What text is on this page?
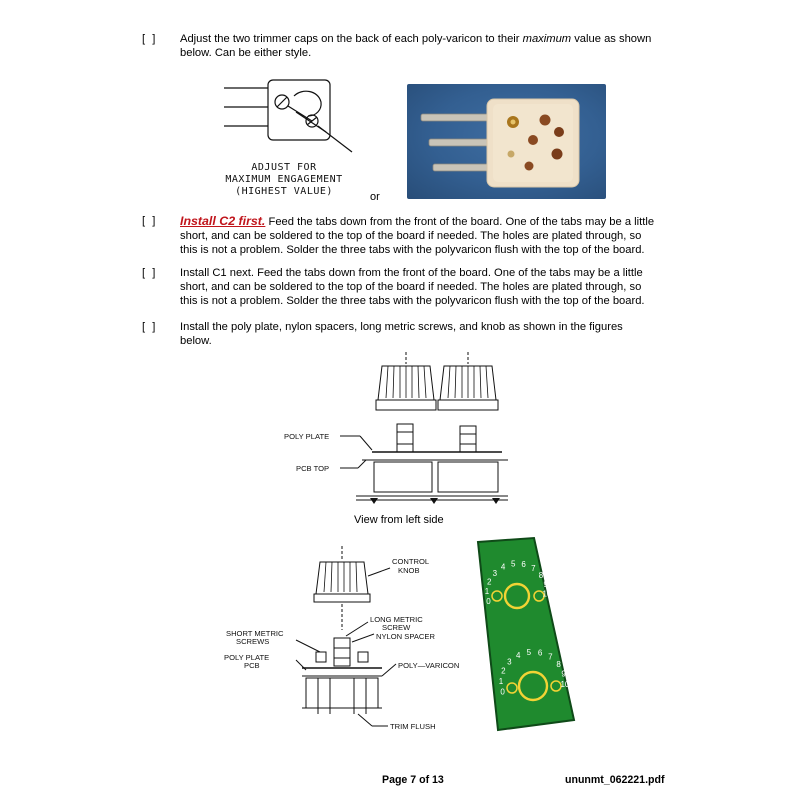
[ ]	Adjust the two trimmer caps on the back of each poly-varicon to their maximum value as shown
below. Can be either style.
ADJUST FOR
MAXIMUM ENGAGEMENT
(HIGHEST VALUE)	or
[ ]	Install C2 first. Feed the tabs down from the front of the board. One of the tabs may be a little
short, and can be soldered to the top of the board if needed. The holes are plated through, so
this is not a problem. Solder the three tabs with the polyvaricon flush with the top of the board.
[ ]	Install C1 next. Feed the tabs down from the front of the board. One of the tabs may be a little
short, and can be soldered to the top of the board if needed. The holes are plated through, so
this is not a problem. Solder the three tabs with the polyvaricon flush with the top of the board.
[ ]	Install the poly plate, nylon spacers, long metric screws, and knob as shown in the figures
below.
POLY PLATE
PCB TOP
View from left side
CONTROL
KNOB
LONG METRIC
SCREW
NYLON SPACER
SHORT METRIC
SCREWS
POLY PLATE
PCB	POLY—VARICON
TRIM FLUSH
0
1
2
3
4 5 6 7
8
9
10
0
1
2
3
4 5 6 7
8
9
10
Page 7 of 13	ununmt_062221.pdf
